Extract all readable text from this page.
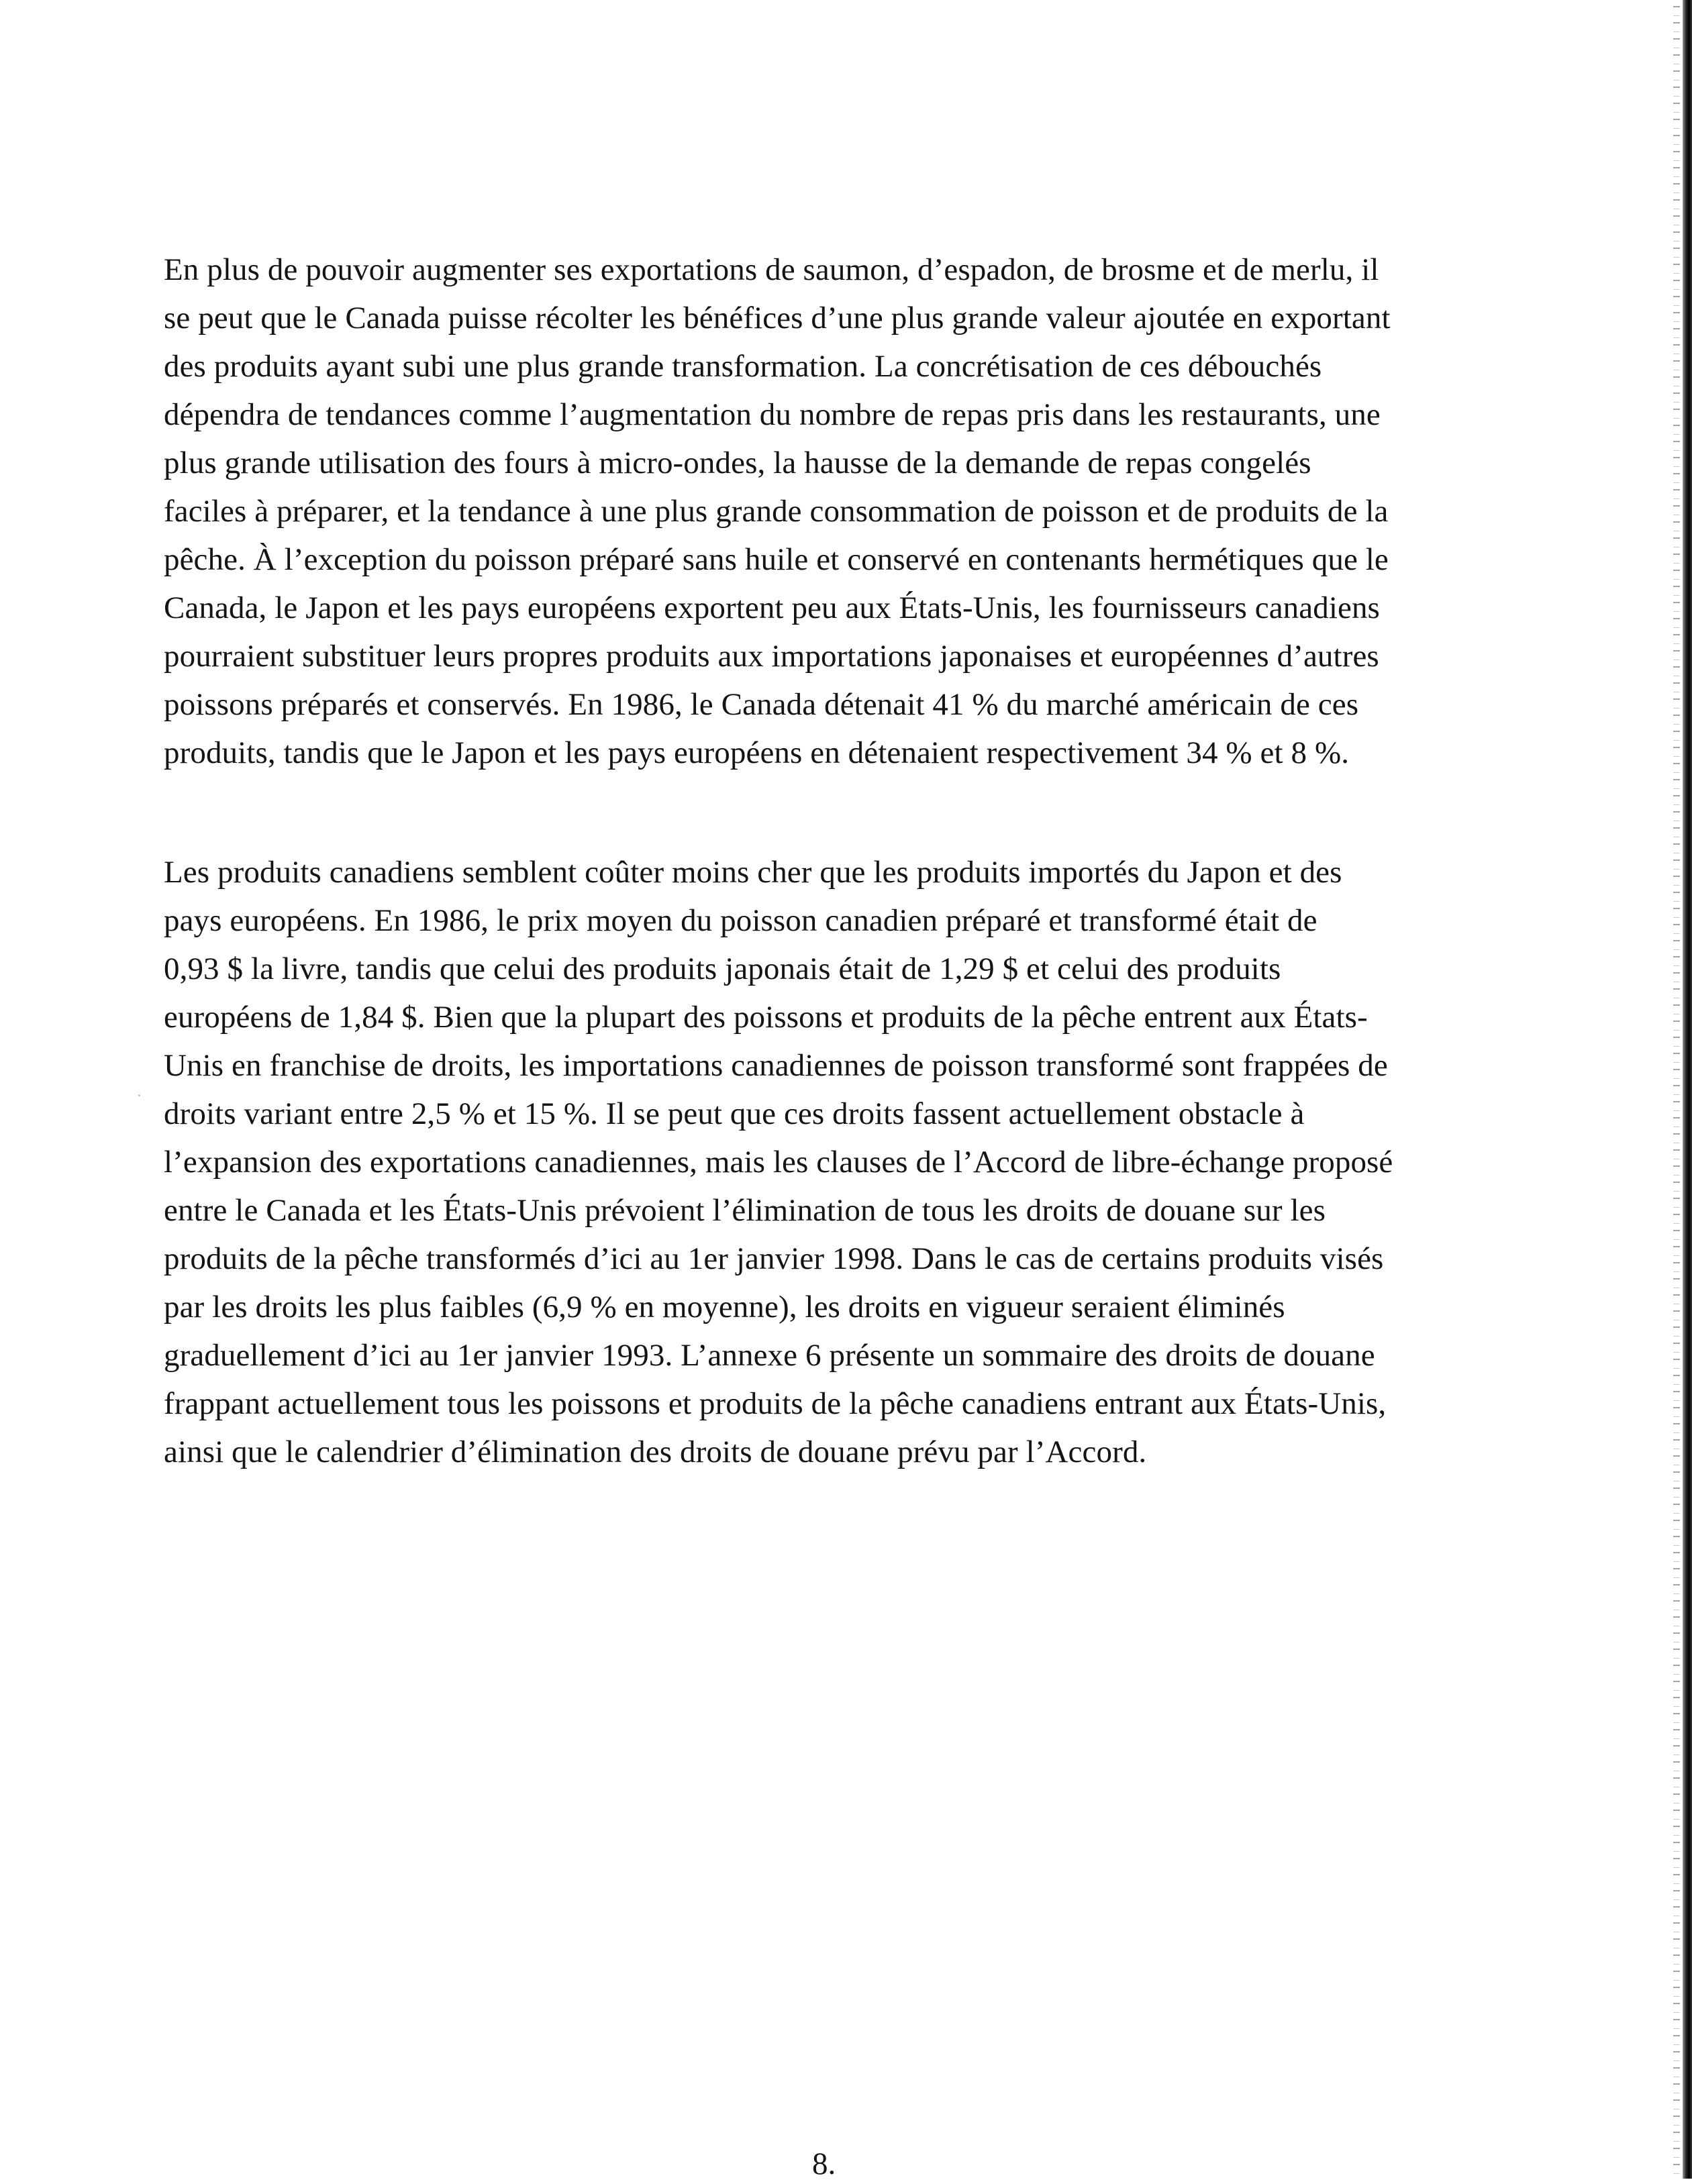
En plus de pouvoir augmenter ses exportations de saumon, d’espadon, de brosme et de merlu, il
se peut que le Canada puisse récolter les bénéfices d’une plus grande valeur ajoutée en exportant
des produits ayant subi une plus grande transformation. La concrétisation de ces débouchés
dépendra de tendances comme l’augmentation du nombre de repas pris dans les restaurants, une
plus grande utilisation des fours à micro-ondes, la hausse de la demande de repas congelés
faciles à préparer, et la tendance à une plus grande consommation de poisson et de produits de la
pêche. À l’exception du poisson préparé sans huile et conservé en contenants hermétiques que le
Canada, le Japon et les pays européens exportent peu aux États-Unis, les fournisseurs canadiens
pourraient substituer leurs propres produits aux importations japonaises et européennes d’autres
poissons préparés et conservés. En 1986, le Canada détenait 41 % du marché américain de ces
produits, tandis que le Japon et les pays européens en détenaient respectivement 34 % et 8 %.
Les produits canadiens semblent coûter moins cher que les produits importés du Japon et des
pays européens. En 1986, le prix moyen du poisson canadien préparé et transformé était de
0,93 $ la livre, tandis que celui des produits japonais était de 1,29 $ et celui des produits
européens de 1,84 $. Bien que la plupart des poissons et produits de la pêche entrent aux États-
Unis en franchise de droits, les importations canadiennes de poisson transformé sont frappées de
droits variant entre 2,5 % et 15 %. Il se peut que ces droits fassent actuellement obstacle à
l’expansion des exportations canadiennes, mais les clauses de l’Accord de libre-échange proposé
entre le Canada et les États-Unis prévoient l’élimination de tous les droits de douane sur les
produits de la pêche transformés d’ici au 1er janvier 1998. Dans le cas de certains produits visés
par les droits les plus faibles (6,9 % en moyenne), les droits en vigueur seraient éliminés
graduellement d’ici au 1er janvier 1993. L’annexe 6 présente un sommaire des droits de douane
frappant actuellement tous les poissons et produits de la pêche canadiens entrant aux États-Unis,
ainsi que le calendrier d’élimination des droits de douane prévu par l’Accord.
8.
